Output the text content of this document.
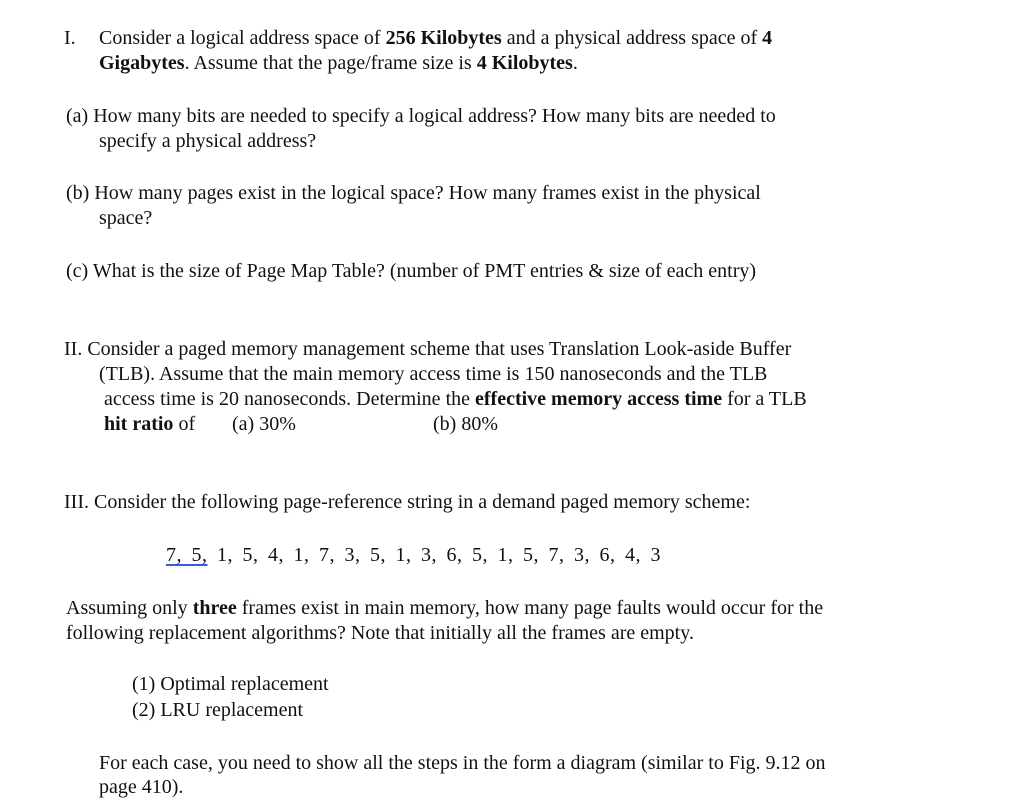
I. Consider a logical address space of 256 Kilobytes and a physical address space of 4
Gigabytes. Assume that the page/frame size is 4 Kilobytes.
(a) How many bits are needed to specify a logical address? How many bits are needed to
specify a physical address?
(b) How many pages exist in the logical space? How many frames exist in the physical
space?
(c) What is the size of Page Map Table? (number of PMT entries & size of each entry)
II. Consider a paged memory management scheme that uses Translation Look-aside Buffer
(TLB). Assume that the main memory access time is 150 nanoseconds and the TLB
access time is 20 nanoseconds. Determine the effective memory access time for a TLB
hit ratio of (a) 30%	(b) 80%
III. Consider the following page-reference string in a demand paged memory scheme:
7, 5, 1, 5, 4, 1, 7, 3, 5, 1, 3, 6, 5, 1, 5, 7, 3, 6, 4, 3
Assuming only three frames exist in main memory, how many page faults would occur for the
following replacement algorithms? Note that initially all the frames are empty.
(1) Optimal replacement
(2) LRU replacement
For each case, you need to show all the steps in the form a diagram (similar to Fig. 9.12 on
page 410).
